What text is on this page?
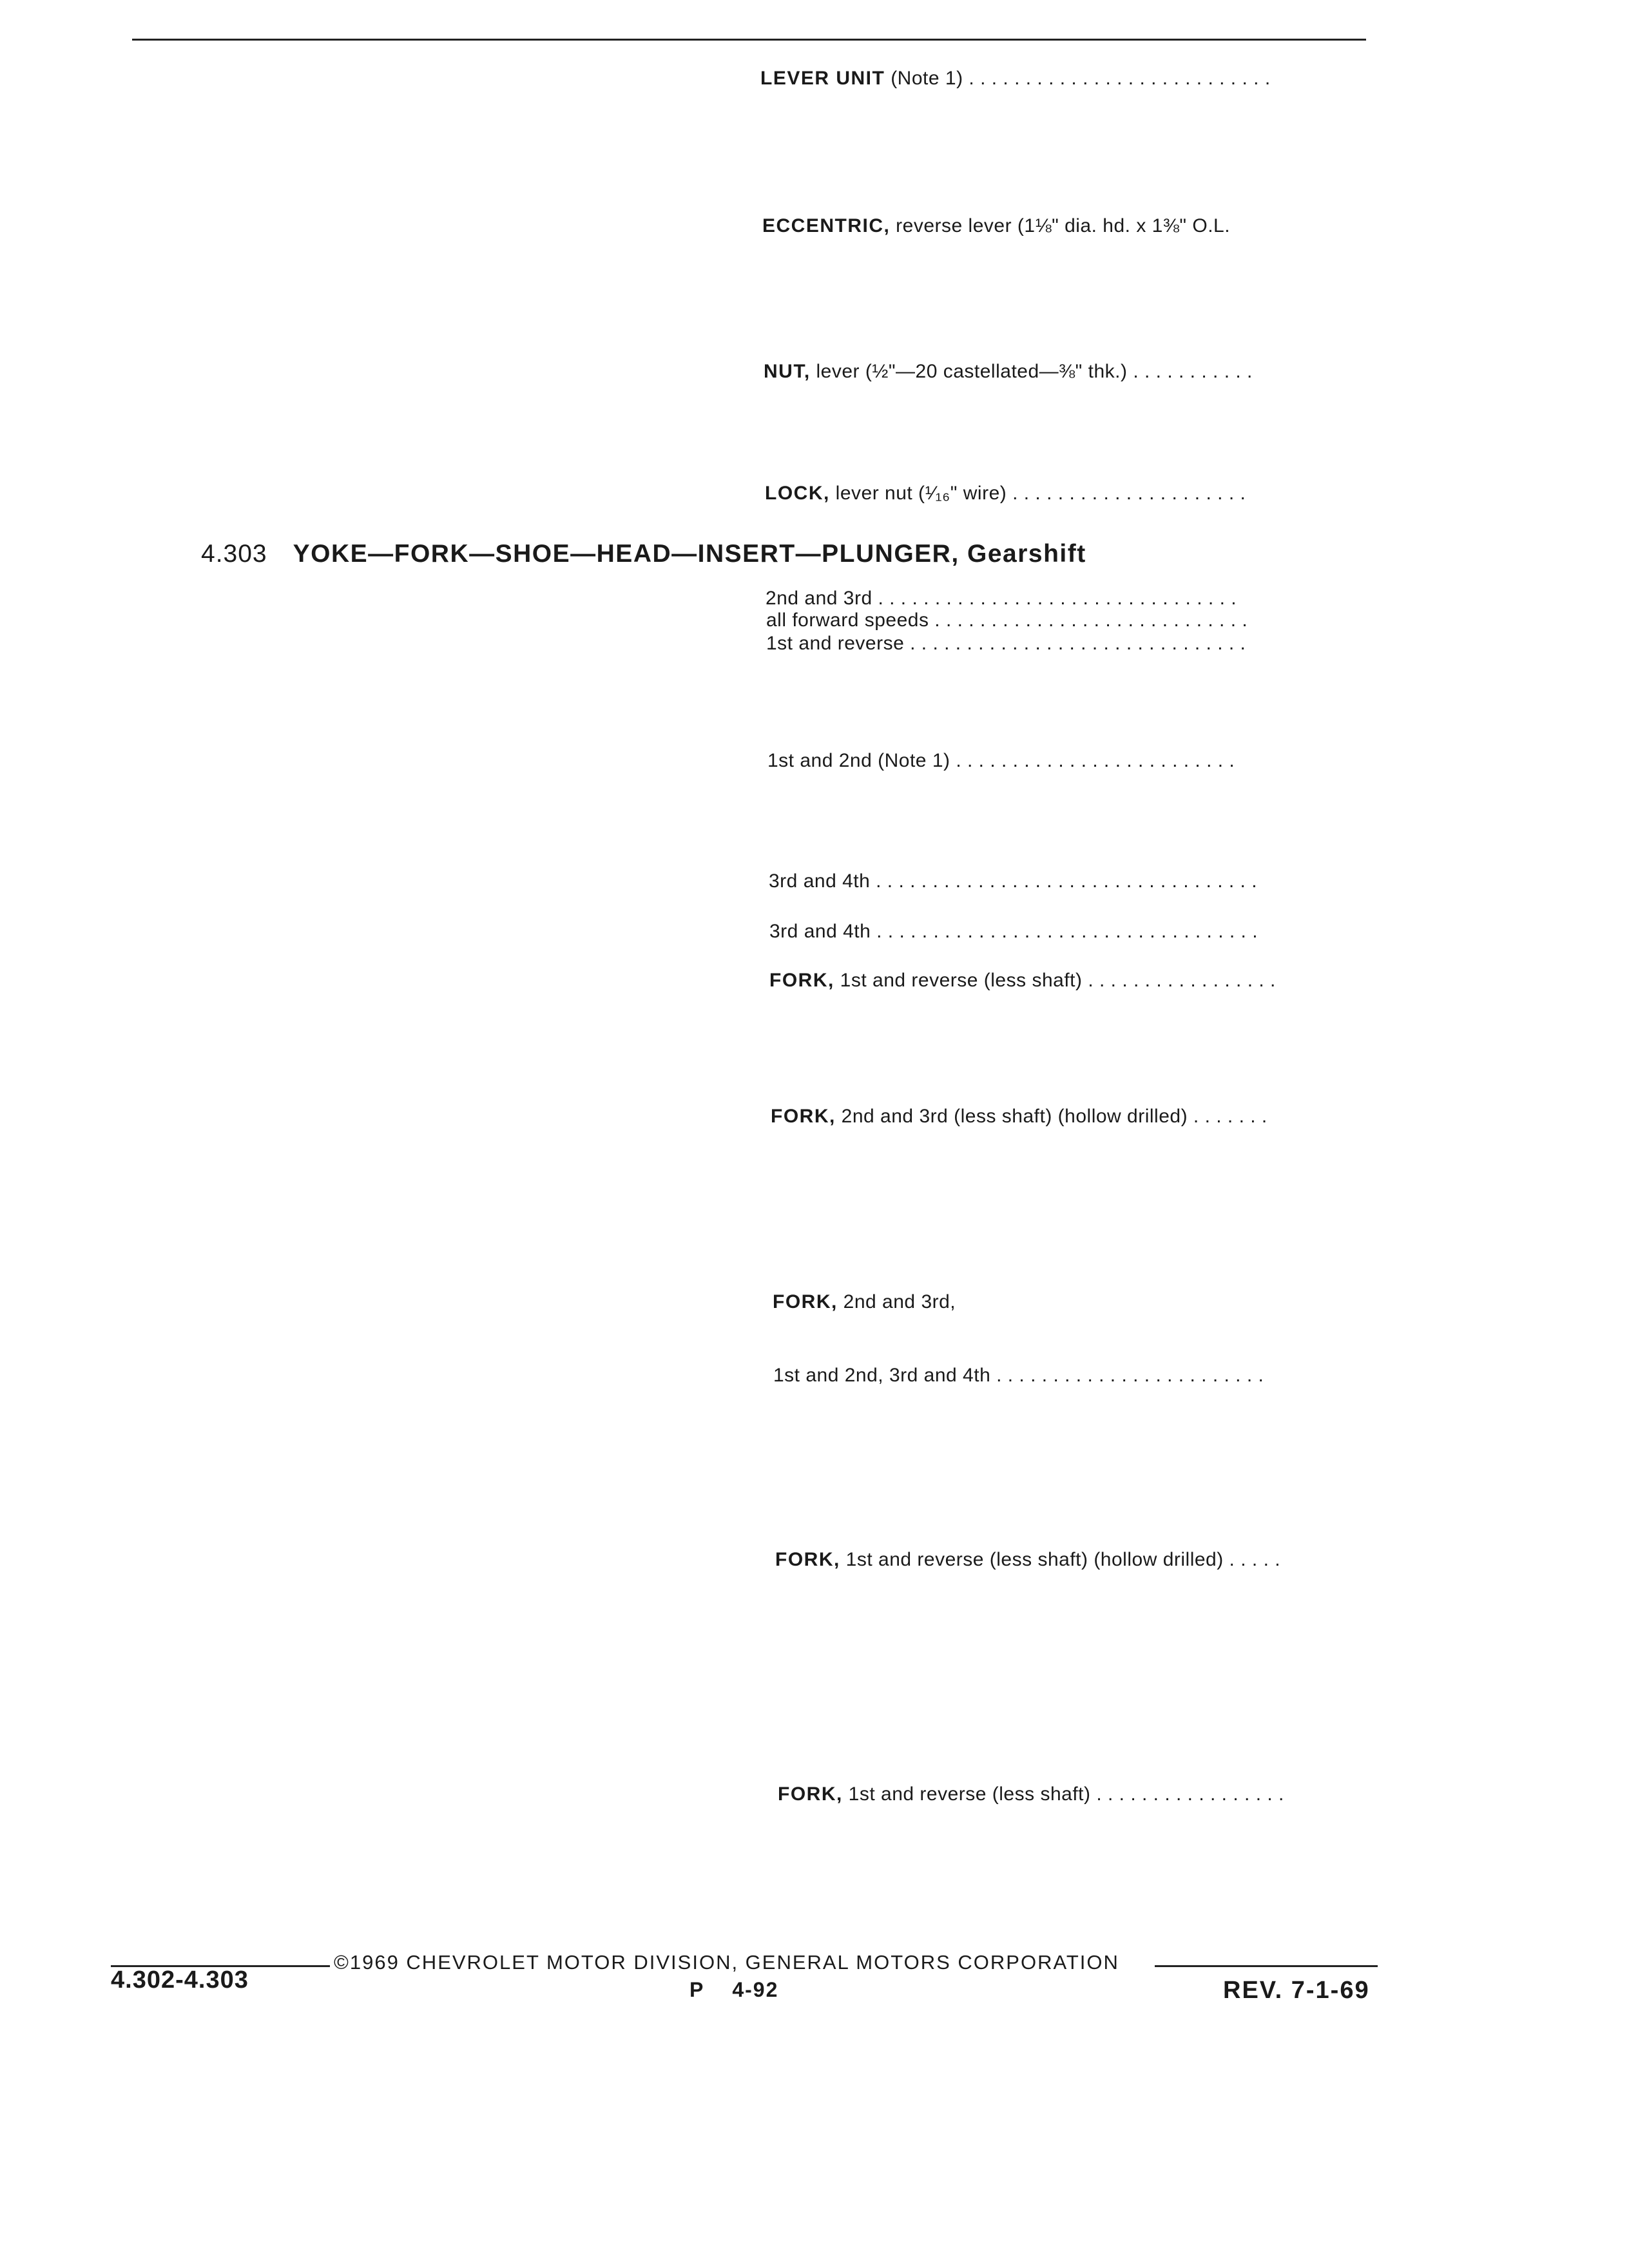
LEVER UNIT (Note 1) . . . . . . . . . . . . . . . . . . . . . . . . . . .
ECCENTRIC, reverse lever (1⅛" dia. hd. x 1⅜" O.L.
NUT, lever (½"—20 castellated—⅜" thk.) . . . . . . . . . . .
LOCK, lever nut (¹⁄₁₆" wire) . . . . . . . . . . . . . . . . . . . . .
2nd and 3rd . . . . . . . . . . . . . . . . . . . . . . . . . . . . . . . .
all forward speeds . . . . . . . . . . . . . . . . . . . . . . . . . . . .
1st and reverse . . . . . . . . . . . . . . . . . . . . . . . . . . . . . .
1st and 2nd (Note 1) . . . . . . . . . . . . . . . . . . . . . . . . .
3rd and 4th . . . . . . . . . . . . . . . . . . . . . . . . . . . . . . . . . .
3rd and 4th . . . . . . . . . . . . . . . . . . . . . . . . . . . . . . . . . .
FORK, 1st and reverse (less shaft) . . . . . . . . . . . . . . . . .
FORK, 2nd and 3rd (less shaft) (hollow drilled) . . . . . . .
FORK, 2nd and 3rd,
1st and 2nd, 3rd and 4th . . . . . . . . . . . . . . . . . . . . . . . .
FORK, 1st and reverse (less shaft) (hollow drilled) . . . . .
FORK, 1st and reverse (less shaft) . . . . . . . . . . . . . . . . .
4.303 YOKE—FORK—SHOE—HEAD—INSERT—PLUNGER, Gearshift
©1969 CHEVROLET MOTOR DIVISION, GENERAL MOTORS CORPORATION
4.302-4.303	P    4-92	REV. 7-1-69
